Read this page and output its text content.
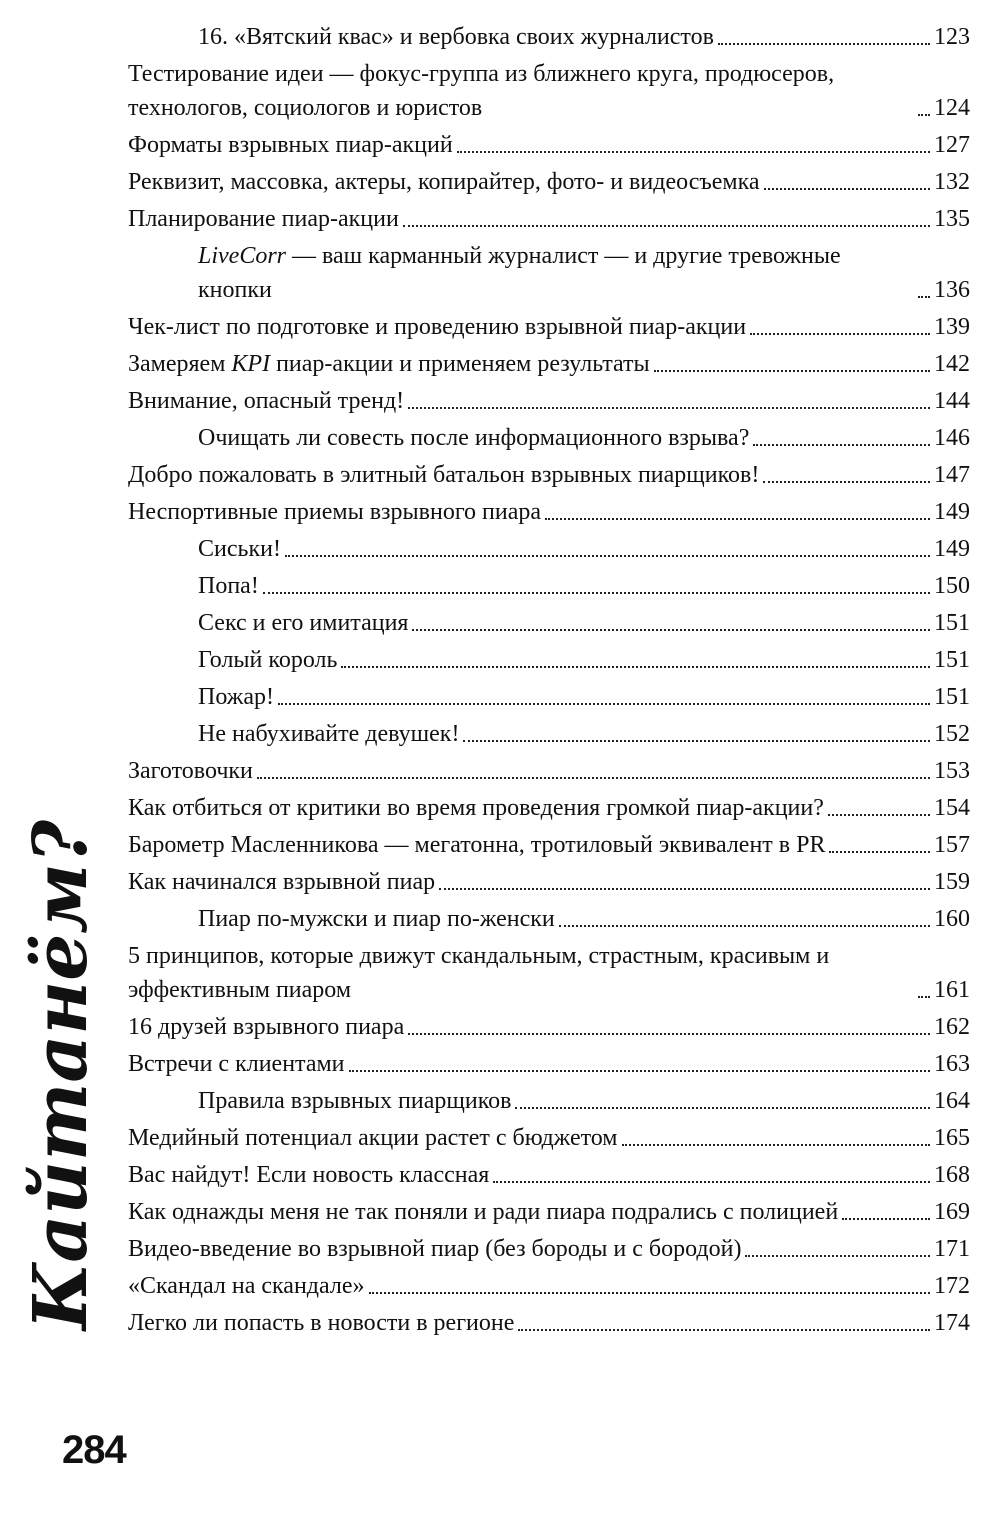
Кайтанём?
16. «Вятский квас» и вербовка своих журналистов	123
Тестирование идеи — фокус-группа из ближнего круга, продюсеров, технологов, социологов и юристов	124
Форматы взрывных пиар-акций	127
Реквизит, массовка, актеры, копирайтер, фото- и видеосъемка	132
Планирование пиар-акции	135
LiveCorr — ваш карманный журналист — и другие тревожные кнопки	136
Чек-лист по подготовке и проведению взрывной пиар-акции	139
Замеряем KPI пиар-акции и применяем результаты	142
Внимание, опасный тренд!	144
Очищать ли совесть после информационного взрыва?	146
Добро пожаловать в элитный батальон взрывных пиарщиков!	147
Неспортивные приемы взрывного пиара	149
Сиськи!	149
Попа!	150
Секс и его имитация	151
Голый король	151
Пожар!	151
Не набухивайте девушек!	152
Заготовочки	153
Как отбиться от критики во время проведения громкой пиар-акции?	154
Барометр Масленникова — мегатонна, тротиловый эквивалент в PR	157
Как начинался взрывной пиар	159
Пиар по-мужски и пиар по-женски	160
5 принципов, которые движут скандальным, страстным, красивым и эффективным пиаром	161
16 друзей взрывного пиара	162
Встречи с клиентами	163
Правила взрывных пиарщиков	164
Медийный потенциал акции растет с бюджетом	165
Вас найдут! Если новость классная	168
Как однажды меня не так поняли и ради пиара подрались с полицией	169
Видео-введение во взрывной пиар (без бороды и с бородой)	171
«Скандал на скандале»	172
Легко ли попасть в новости в регионе	174
284
